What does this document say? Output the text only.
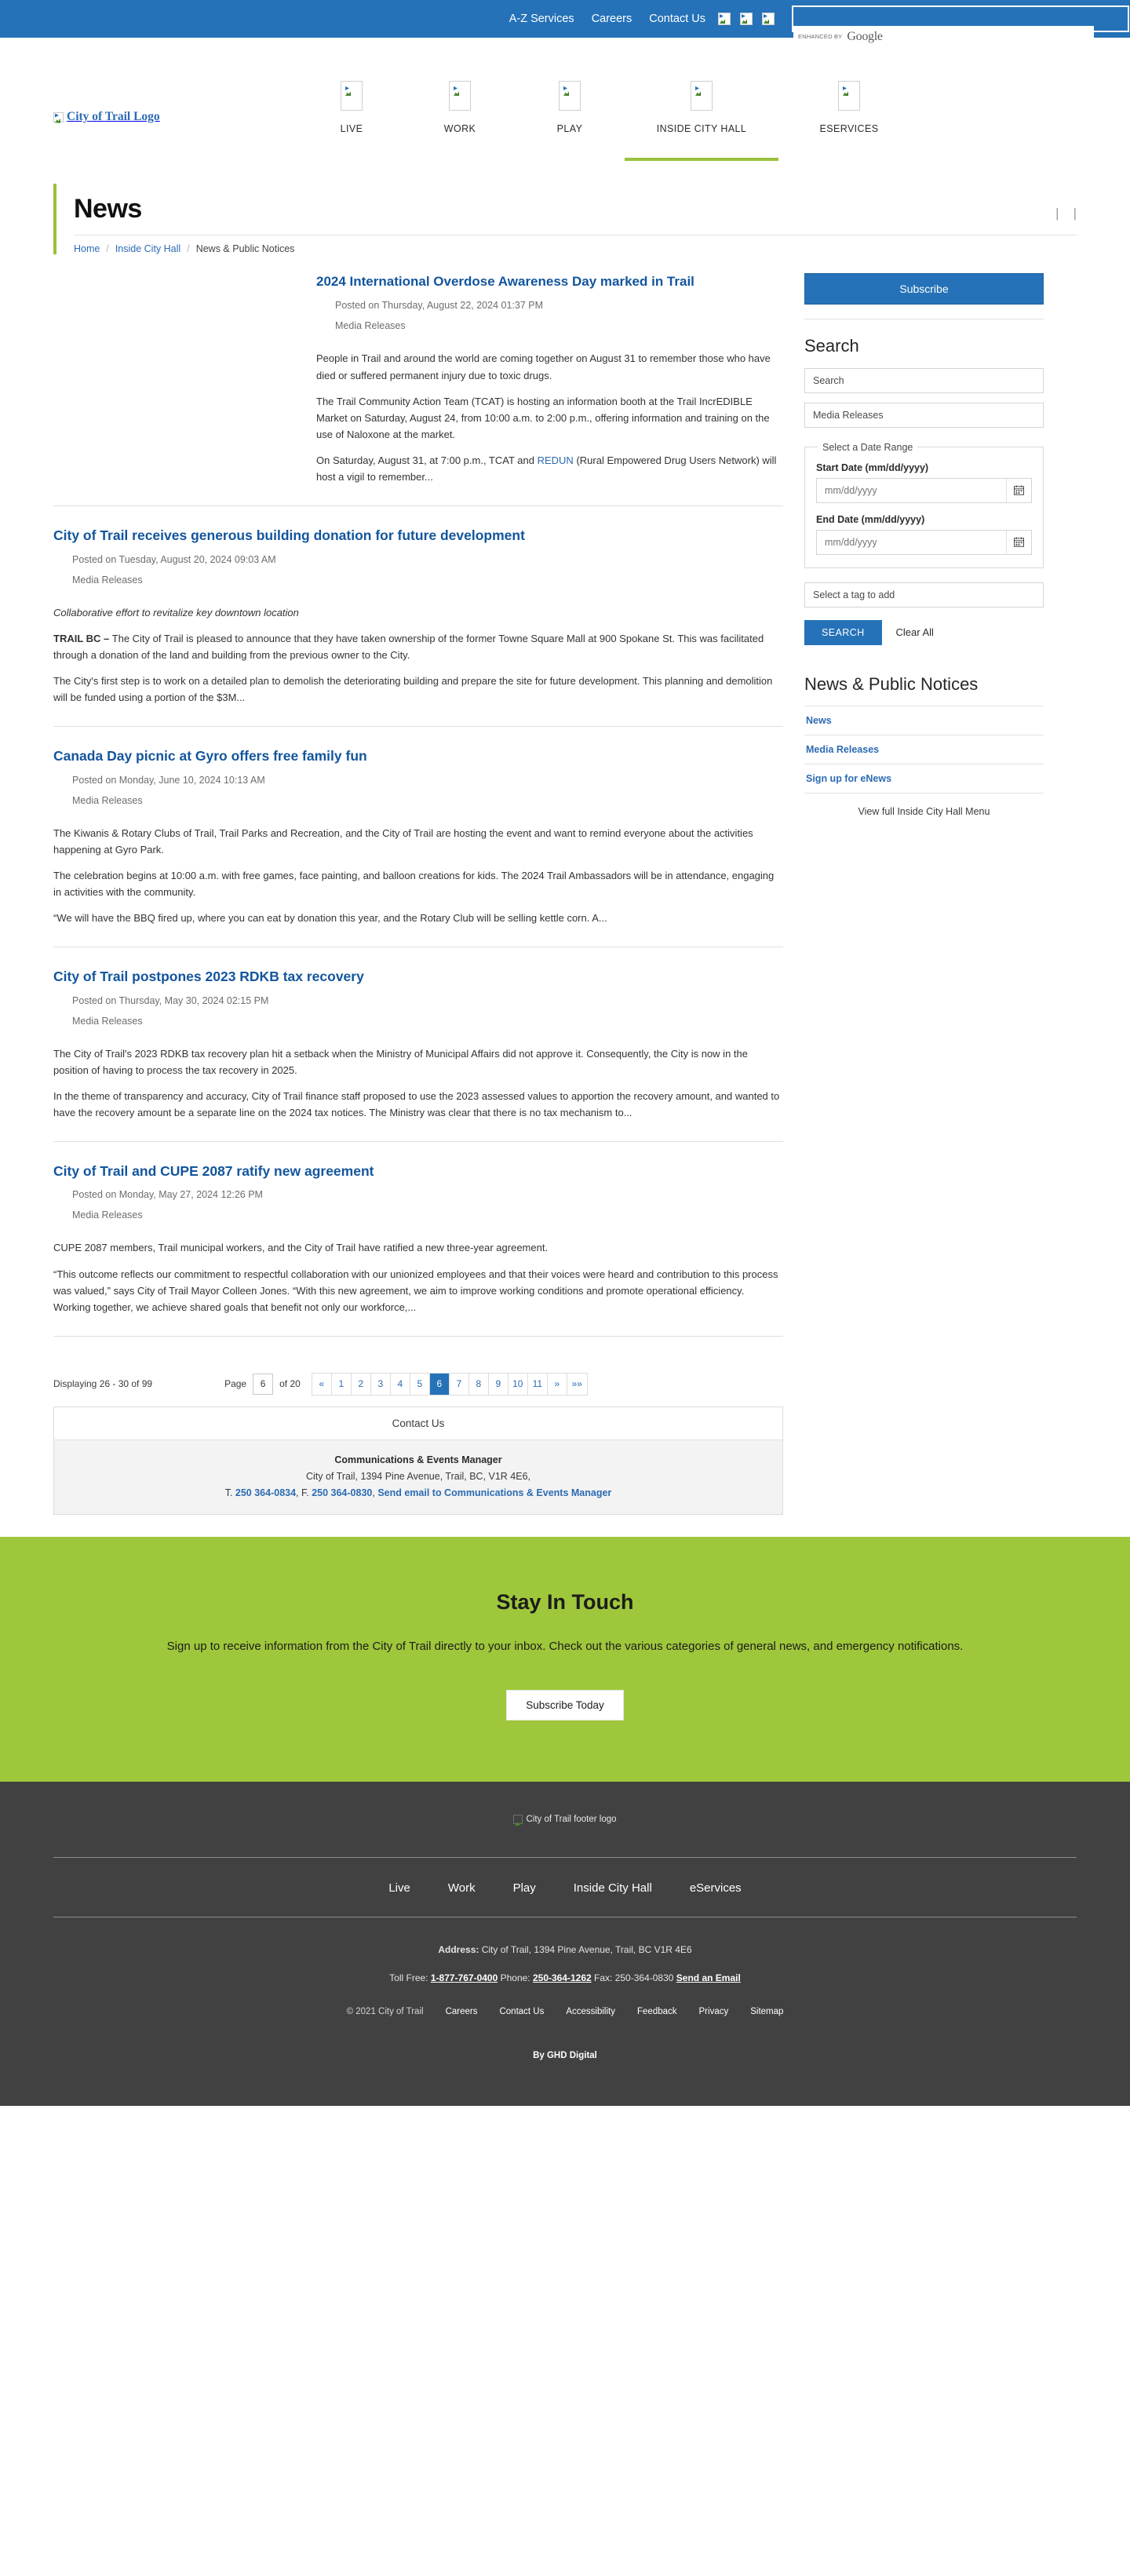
A-Z Services Careers Contact Us
ENHANCED BY Google
City of Trail Logo
LIVE	WORK	PLAY	INSIDE CITY HALL	ESERVICES
News	| |
Home / Inside City Hall / News & Public Notices
2024 International Overdose Awareness Day marked in Trail
Posted on Thursday, August 22, 2024 01:37 PM
Media Releases

People in Trail and around the world are coming together on August 31 to remember those who have died or suffered permanent injury due to toxic drugs.

The Trail Community Action Team (TCAT) is hosting an information booth at the Trail IncrEDIBLE Market on Saturday, August 24, from 10:00 a.m. to 2:00 p.m., offering information and training on the use of Naloxone at the market.

On Saturday, August 31, at 7:00 p.m., TCAT and REDUN (Rural Empowered Drug Users Network) will host a vigil to remember...

City of Trail receives generous building donation for future development
Posted on Tuesday, August 20, 2024 09:03 AM
Media Releases

Collaborative effort to revitalize key downtown location

TRAIL BC – The City of Trail is pleased to announce that they have taken ownership of the former Towne Square Mall at 900 Spokane St. This was facilitated through a donation of the land and building from the previous owner to the City.

The City's first step is to work on a detailed plan to demolish the deteriorating building and prepare the site for future development. This planning and demolition will be funded using a portion of the $3M...

Canada Day picnic at Gyro offers free family fun
Posted on Monday, June 10, 2024 10:13 AM
Media Releases

The Kiwanis & Rotary Clubs of Trail, Trail Parks and Recreation, and the City of Trail are hosting the event and want to remind everyone about the activities happening at Gyro Park.

The celebration begins at 10:00 a.m. with free games, face painting, and balloon creations for kids. The 2024 Trail Ambassadors will be in attendance, engaging in activities with the community.

“We will have the BBQ fired up, where you can eat by donation this year, and the Rotary Club will be selling kettle corn. A...

City of Trail postpones 2023 RDKB tax recovery
Posted on Thursday, May 30, 2024 02:15 PM
Media Releases

The City of Trail's 2023 RDKB tax recovery plan hit a setback when the Ministry of Municipal Affairs did not approve it. Consequently, the City is now in the position of having to process the tax recovery in 2025.

In the theme of transparency and accuracy, City of Trail finance staff proposed to use the 2023 assessed values to apportion the recovery amount, and wanted to have the recovery amount be a separate line on the 2024 tax notices. The Ministry was clear that there is no tax mechanism to...

City of Trail and CUPE 2087 ratify new agreement
Posted on Monday, May 27, 2024 12:26 PM
Media Releases

CUPE 2087 members, Trail municipal workers, and the City of Trail have ratified a new three-year agreement.

“This outcome reflects our commitment to respectful collaboration with our unionized employees and that their voices were heard and contribution to this process was valued,” says City of Trail Mayor Colleen Jones. “With this new agreement, we aim to improve working conditions and promote operational efficiency. Working together, we achieve shared goals that benefit not only our workforce,...

Subscribe
Search
Search Media Releases
Select a Date Range
Start Date (mm/dd/yyyy)
mm/dd/yyyy
End Date (mm/dd/yyyy)
mm/dd/yyyy
Select a tag to add
SEARCH	Clear All
News & Public Notices
News
Media Releases
Sign up for eNews
View full Inside City Hall Menu
Displaying 26 - 30 of 99	Page
6	of 20	«	1	2	3	4	5	6	7	8	9	10	11	»	»»
Contact Us
Communications & Events Manager
City of Trail, 1394 Pine Avenue, Trail, BC, V1R 4E6,
T. 250 364-0834, F. 250 364-0830, Send email to Communications & Events Manager
Stay In Touch

Sign up to receive information from the City of Trail directly to your inbox. Check out the various categories of general news, and emergency notifications.

Subscribe Today
City of Trail footer logo
Live	Work	Play	Inside City Hall	eServices
Address: City of Trail, 1394 Pine Avenue, Trail, BC V1R 4E6
Toll Free: 1-877-767-0400 Phone: 250-364-1262 Fax: 250-364-0830 Send an Email
© 2021 City of Trail Careers Contact Us Accessibility Feedback Privacy Sitemap
By GHD Digital
